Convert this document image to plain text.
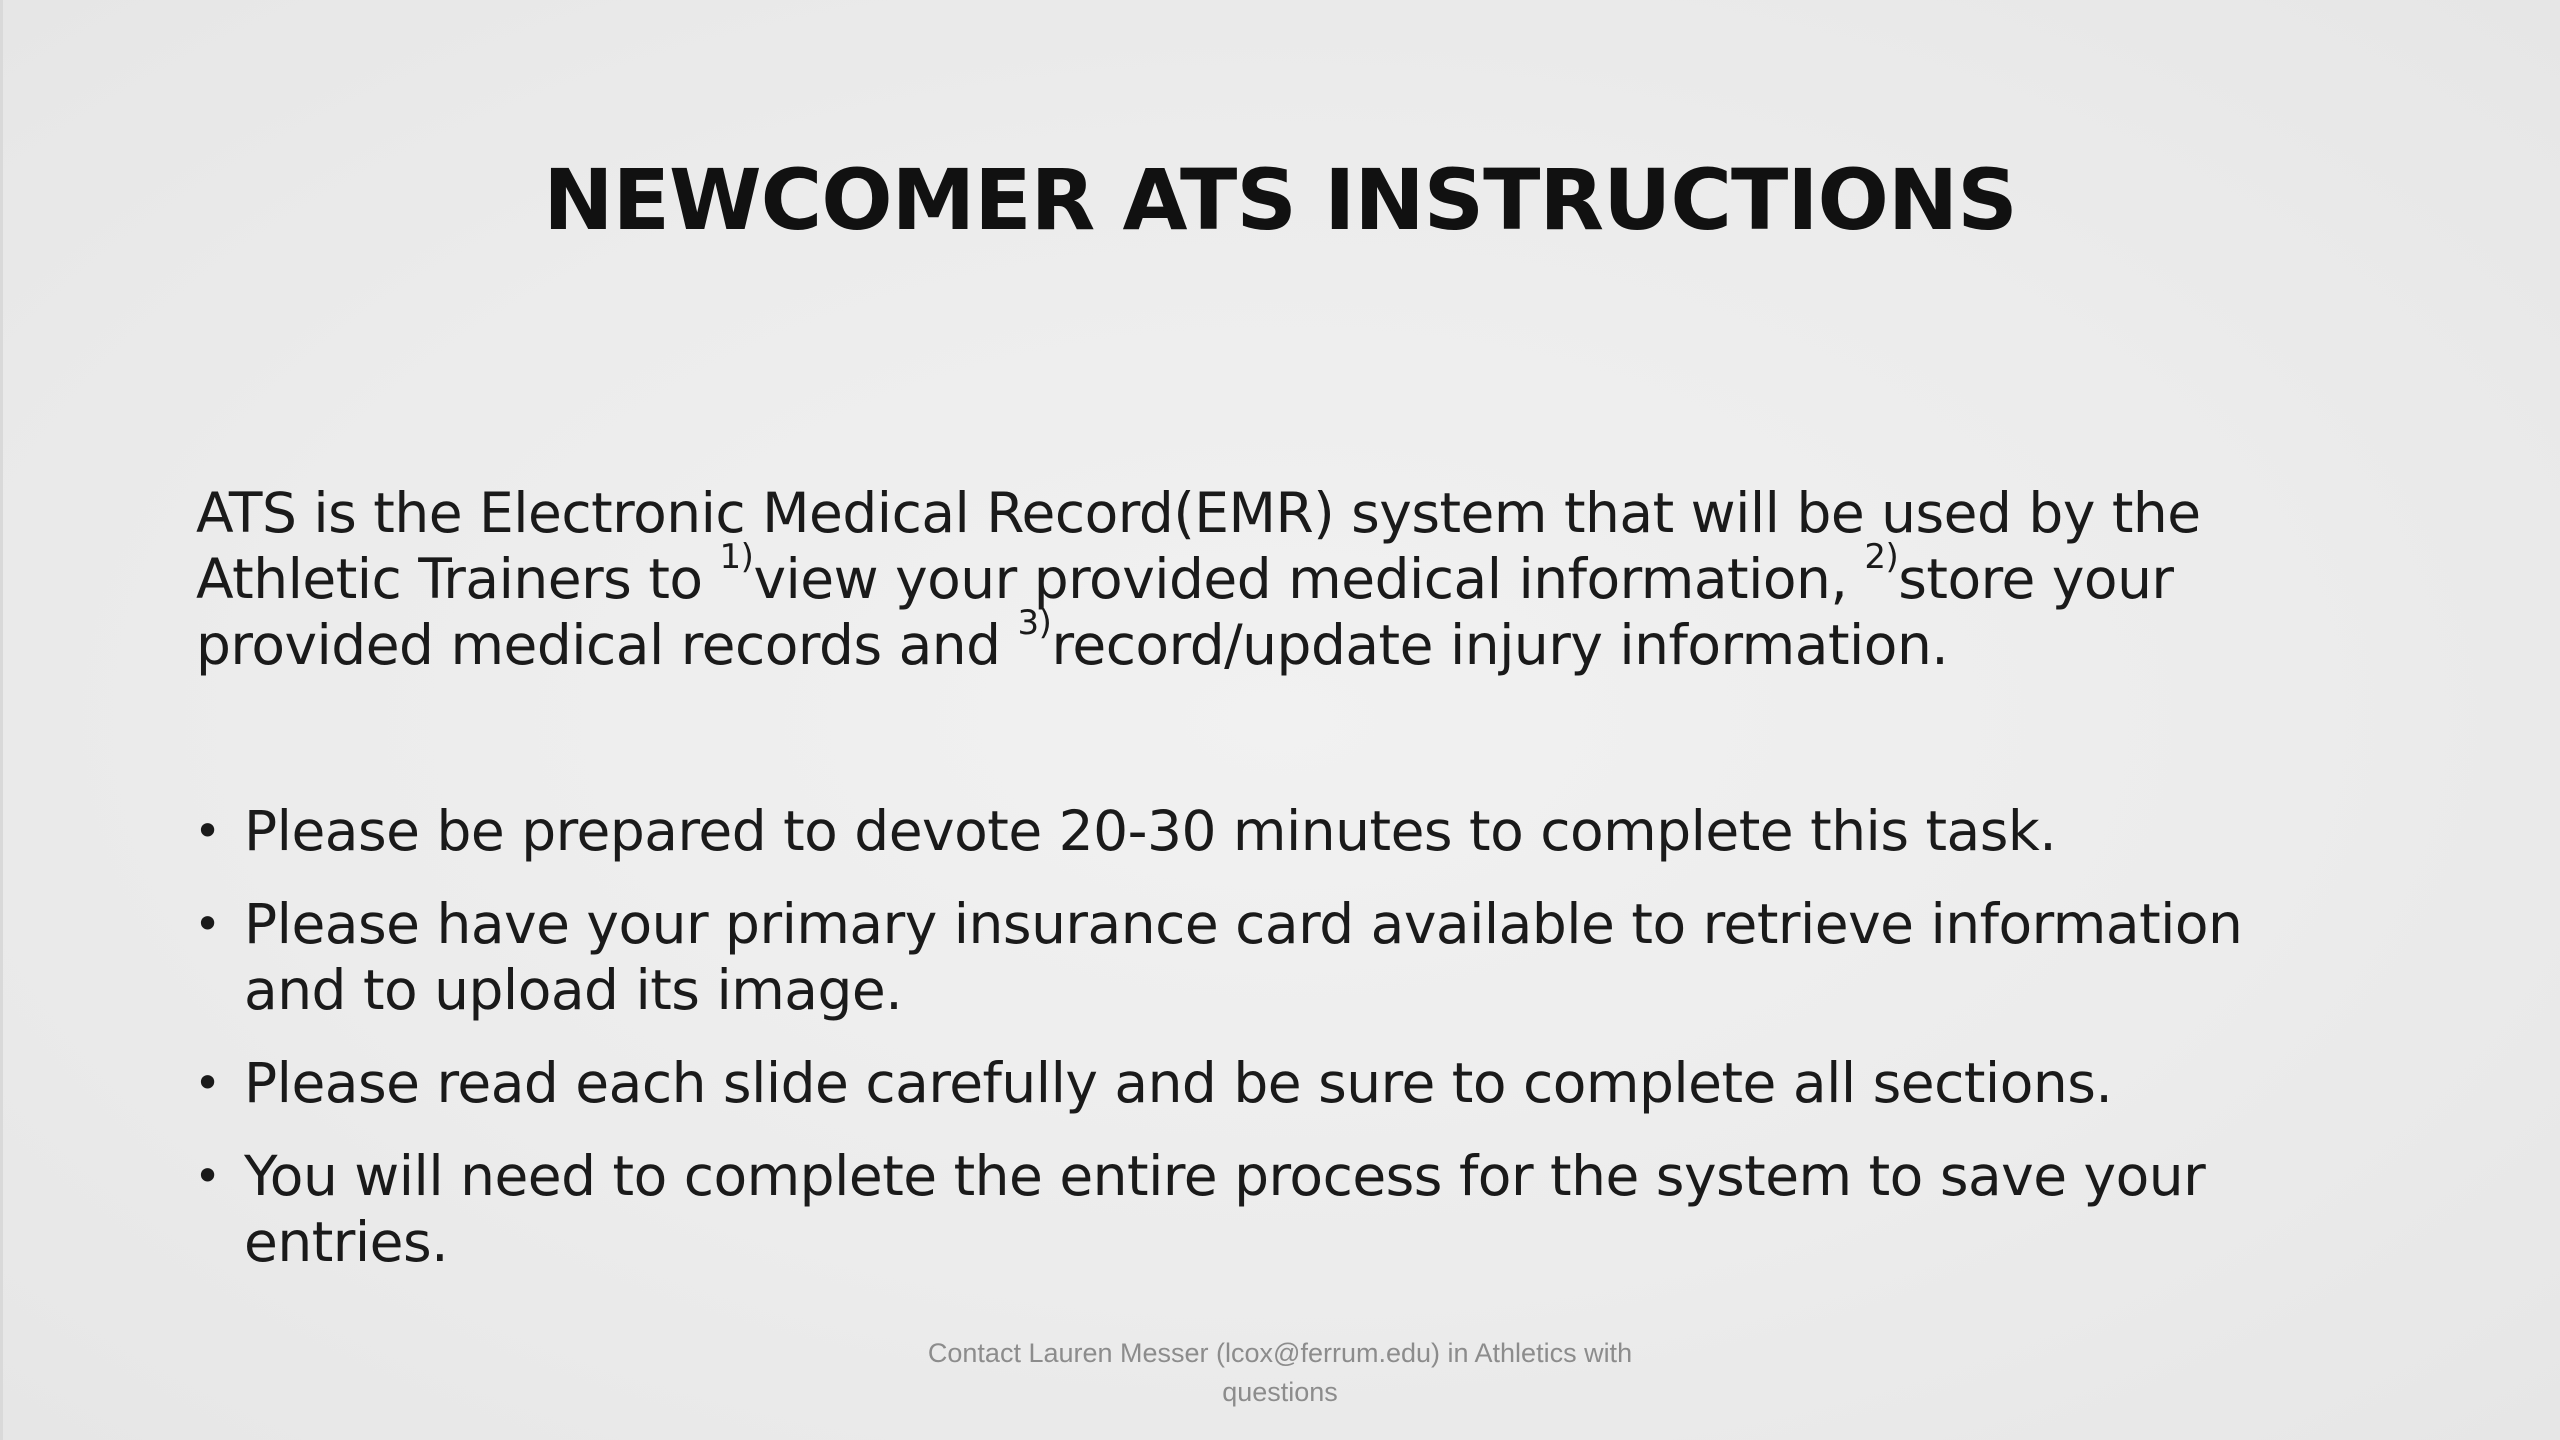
NEWCOMER ATS INSTRUCTIONS
ATS is the Electronic Medical Record(EMR) system that will be used by the Athletic Trainers to $^{1)}$view your provided medical information, $^{2)}$store your provided medical records and $^{3)}$record/update injury information.
• Please be prepared to devote 20-30 minutes to complete this task.
• Please have your primary insurance card available to retrieve information and to upload its image.
• Please read each slide carefully and be sure to complete all sections.
• You will need to complete the entire process for the system to save your entries.
Contact Lauren Messer (lcox@ferrum.edu) in Athletics with questions
